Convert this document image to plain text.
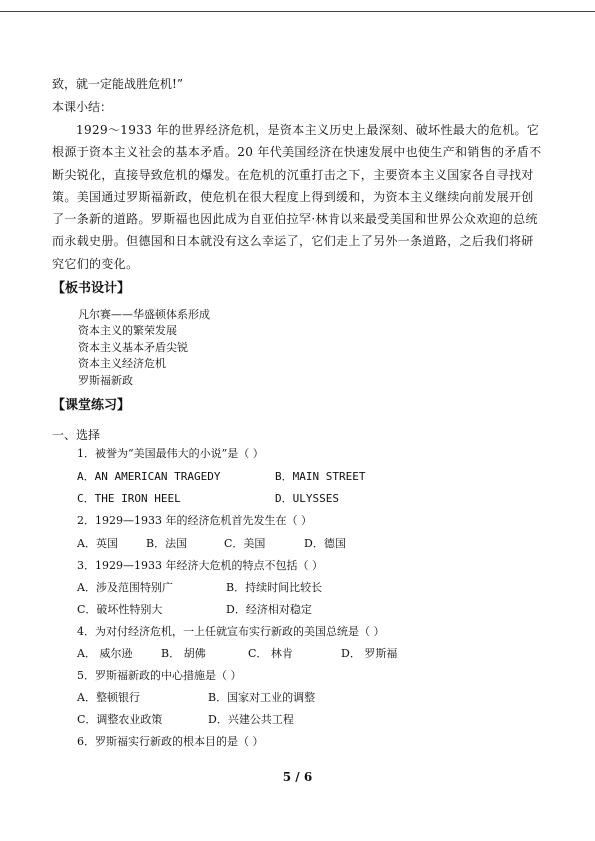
致，就一定能战胜危机!”
本课小结：
1929～1933 年的世界经济危机，是资本主义历史上最深刻、破坏性最大的危机。它根源于资本主义社会的基本矛盾。20 年代美国经济在快速发展中也使生产和销售的矛盾不断尖锐化，直接导致危机的爆发。在危机的沉重打击之下，主要资本主义国家各自寻找对策。美国通过罗斯福新政，使危机在很大程度上得到缓和，为资本主义继续向前发展开创了一条新的道路。罗斯福也因此成为自亚伯拉罕·林肯以来最受美国和世界公众欢迎的总统而永载史册。但德国和日本就没有这么幸运了，它们走上了另外一条道路，之后我们将研究它们的变化。
【板书设计】
凡尔赛——华盛顿体系形成
资本主义的繁荣发展
资本主义基本矛盾尖锐
资本主义经济危机
罗斯福新政
【课堂练习】
一、选择
1．被誉为“美国最伟大的小说”是（ ）
A．AN AMERICAN TRAGEDY	B．MAIN STREET
C．THE IRON HEEL	D．ULYSSES
2．1929—1933 年的经济危机首先发生在（ ）
A．英国	B．法国	C．美国	D．德国
3．1929—1933 年经济大危机的特点不包括（ ）
A．涉及范围特别广	B．持续时间比较长
C．破坏性特别大	D．经济相对稳定
4．为对付经济危机，一上任就宣布实行新政的美国总统是（ ）
A． 威尔逊	B． 胡佛	C． 林肯	D． 罗斯福
5．罗斯福新政的中心措施是（ ）
A．整顿银行	B．国家对工业的调整
C．调整农业政策	D．兴建公共工程
6．罗斯福实行新政的根本目的是（ ）
5 / 6
